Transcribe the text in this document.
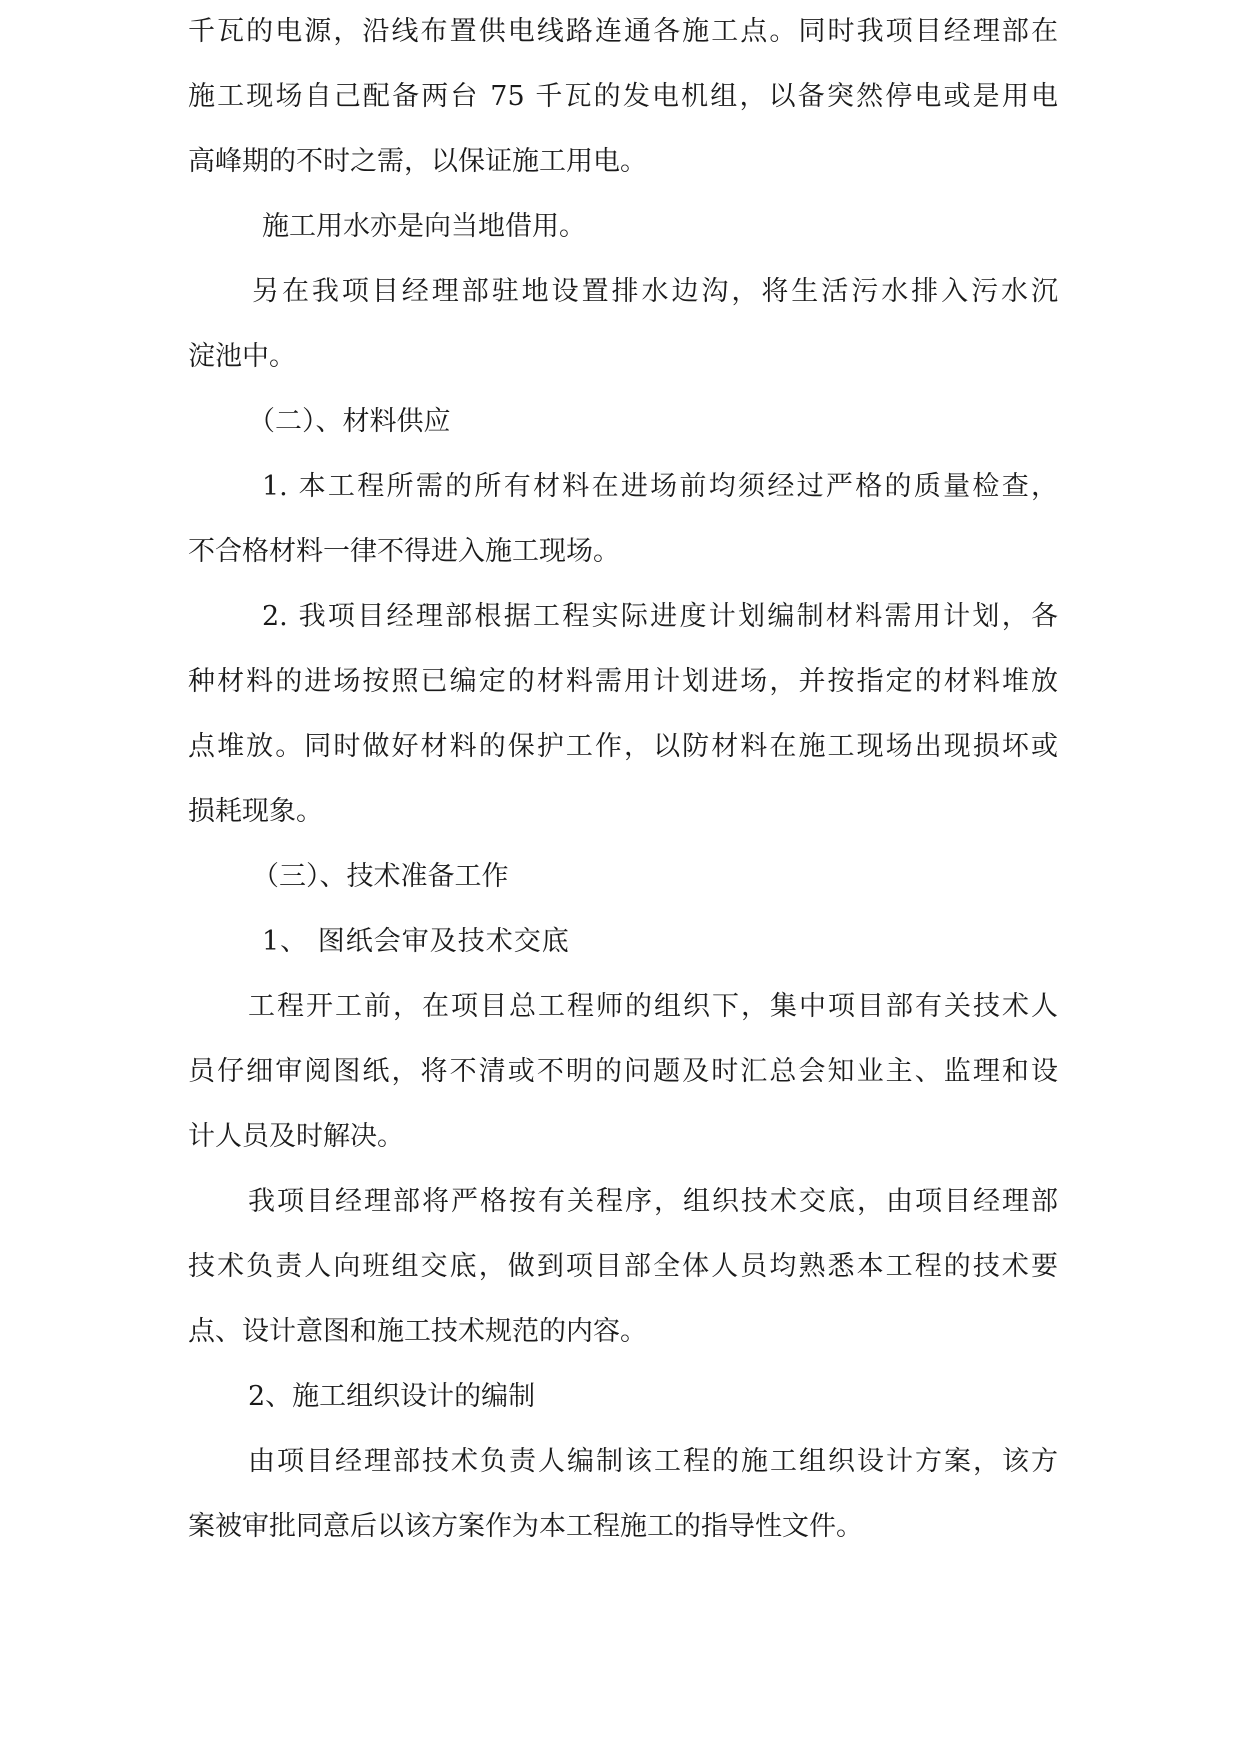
千瓦的电源，沿线布置供电线路连通各施工点。同时我项目经理部在
施工现场自己配备两台 75 千瓦的发电机组，以备突然停电或是用电
高峰期的不时之需，以保证施工用电。
施工用水亦是向当地借用。
另在我项目经理部驻地设置排水边沟，将生活污水排入污水沉
淀池中。
（二）、材料供应
1. 本工程所需的所有材料在进场前均须经过严格的质量检查，
不合格材料一律不得进入施工现场。
2. 我项目经理部根据工程实际进度计划编制材料需用计划，各
种材料的进场按照已编定的材料需用计划进场，并按指定的材料堆放
点堆放。同时做好材料的保护工作，以防材料在施工现场出现损坏或
损耗现象。
（三）、技术准备工作
1、 图纸会审及技术交底
工程开工前，在项目总工程师的组织下，集中项目部有关技术人
员仔细审阅图纸，将不清或不明的问题及时汇总会知业主、监理和设
计人员及时解决。
我项目经理部将严格按有关程序，组织技术交底，由项目经理部
技术负责人向班组交底，做到项目部全体人员均熟悉本工程的技术要
点、设计意图和施工技术规范的内容。
2、施工组织设计的编制
由项目经理部技术负责人编制该工程的施工组织设计方案，该方
案被审批同意后以该方案作为本工程施工的指导性文件。
